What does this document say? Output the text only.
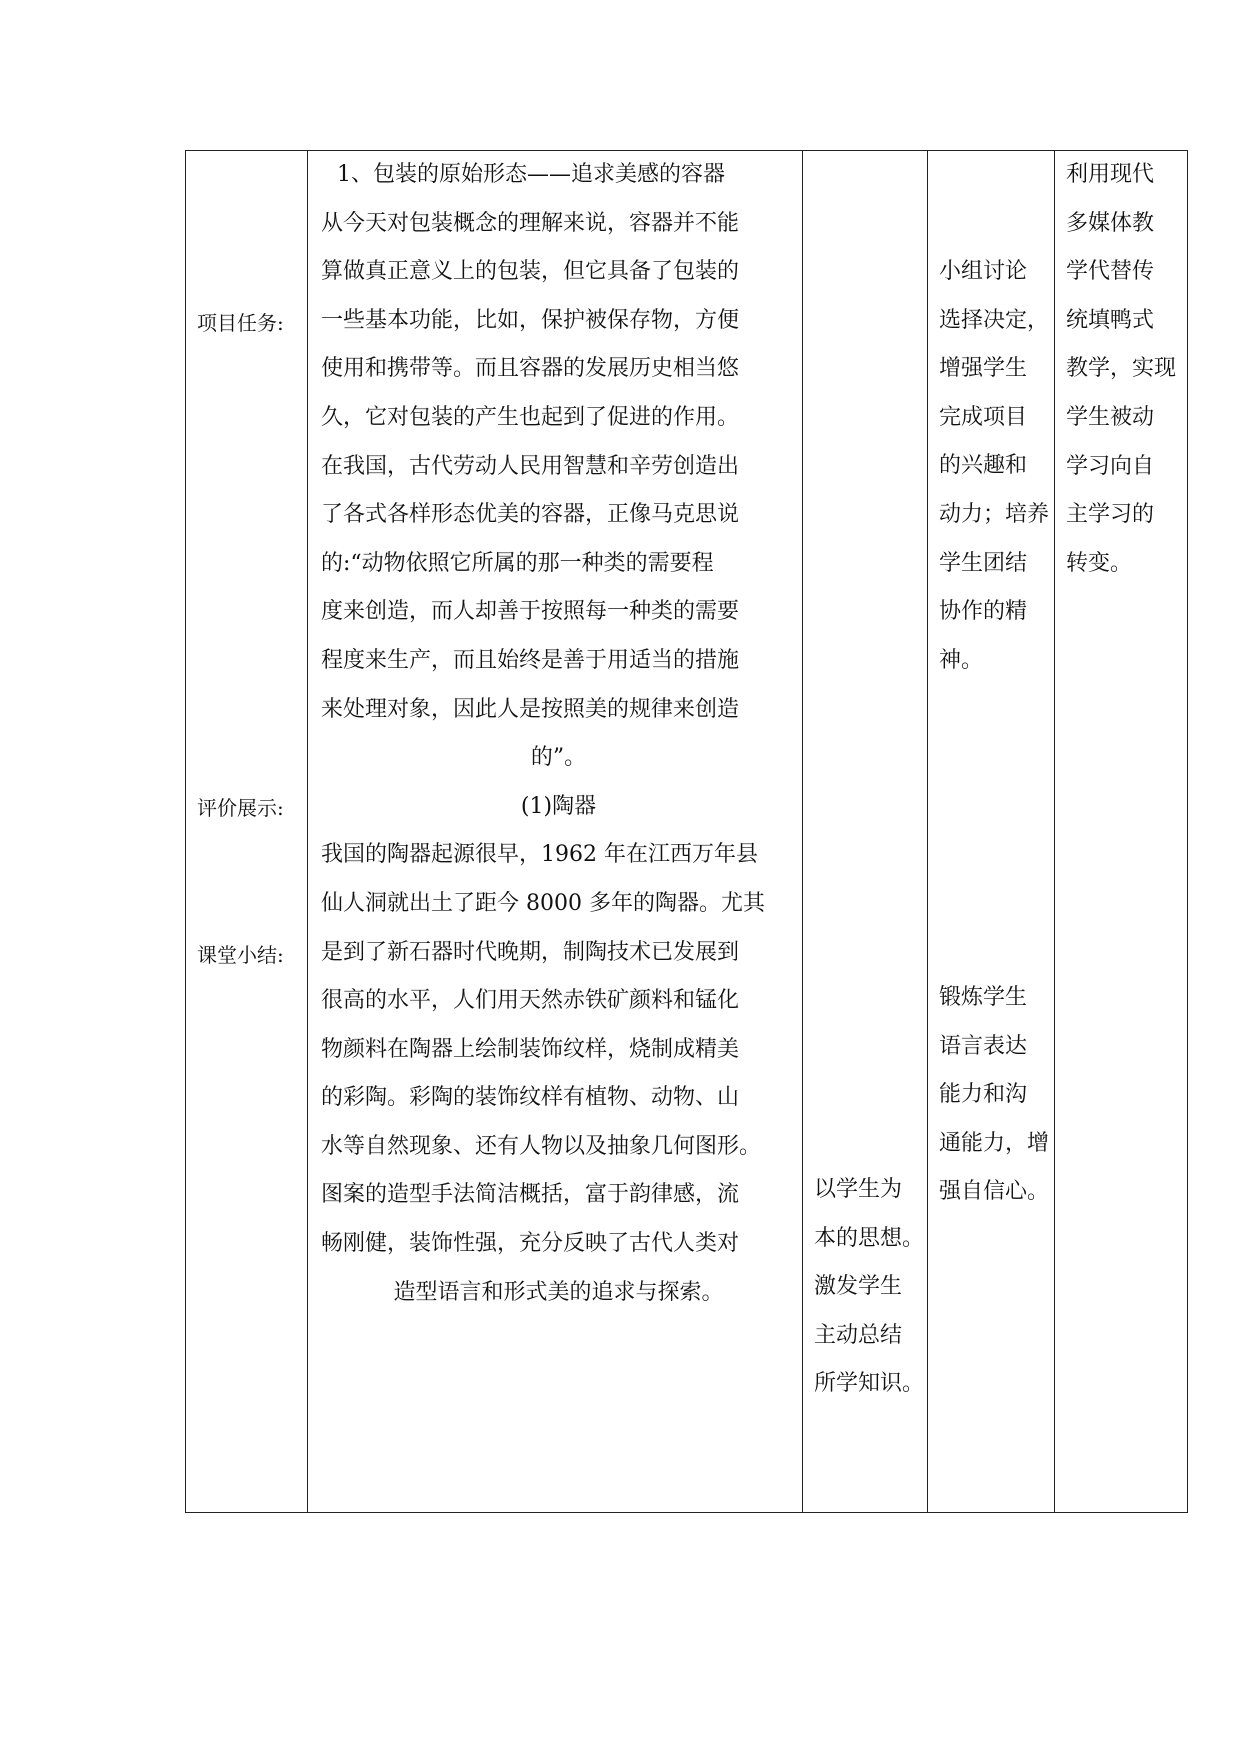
项目任务:
评价展示:
课堂小结:
1、包装的原始形态——追求美感的容器
从今天对包装概念的理解来说，容器并不能
算做真正意义上的包装，但它具备了包装的
一些基本功能，比如，保护被保存物，方便
使用和携带等。而且容器的发展历史相当悠
久，它对包装的产生也起到了促进的作用。
在我国，古代劳动人民用智慧和辛劳创造出
了各式各样形态优美的容器，正像马克思说
的:“动物依照它所属的那一种类的需要程
度来创造，而人却善于按照每一种类的需要
程度来生产，而且始终是善于用适当的措施
来处理对象，因此人是按照美的规律来创造
的”。
(1)陶器
我国的陶器起源很早，1962 年在江西万年县
仙人洞就出土了距今 8000 多年的陶器。尤其
是到了新石器时代晚期，制陶技术已发展到
很高的水平，人们用天然赤铁矿颜料和锰化
物颜料在陶器上绘制装饰纹样，烧制成精美
的彩陶。彩陶的装饰纹样有植物、动物、山
水等自然现象、还有人物以及抽象几何图形。
图案的造型手法简洁概括，富于韵律感，流
畅刚健，装饰性强，充分反映了古代人类对
造型语言和形式美的追求与探索。
以学生为
本的思想。
激发学生
主动总结
所学知识。
小组讨论
选择决定，
增强学生
完成项目
的兴趣和
动力；培养
学生团结
协作的精
神。
锻炼学生
语言表达
能力和沟
通能力，增
强自信心。
利用现代
多媒体教
学代替传
统填鸭式
教学，实现
学生被动
学习向自
主学习的
转变。
